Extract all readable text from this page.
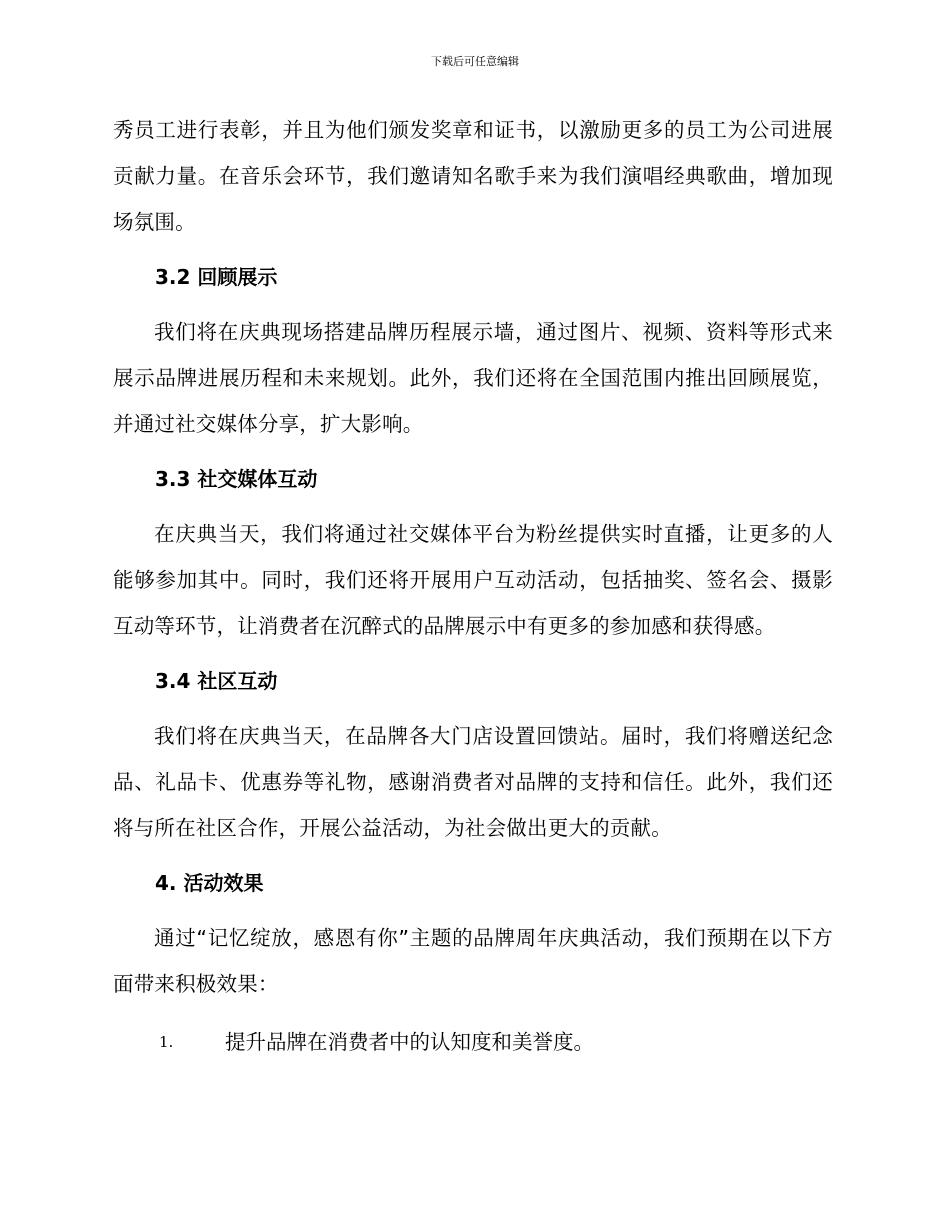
下载后可任意编辑

秀员工进行表彰，并且为他们颁发奖章和证书，以激励更多的员工为公司进展贡献力量。在音乐会环节，我们邀请知名歌手来为我们演唱经典歌曲，增加现场氛围。

3.2 回顾展示

我们将在庆典现场搭建品牌历程展示墙，通过图片、视频、资料等形式来展示品牌进展历程和未来规划。此外，我们还将在全国范围内推出回顾展览，并通过社交媒体分享，扩大影响。

3.3 社交媒体互动

在庆典当天，我们将通过社交媒体平台为粉丝提供实时直播，让更多的人能够参加其中。同时，我们还将开展用户互动活动，包括抽奖、签名会、摄影互动等环节，让消费者在沉醉式的品牌展示中有更多的参加感和获得感。

3.4 社区互动

我们将在庆典当天，在品牌各大门店设置回馈站。届时，我们将赠送纪念品、礼品卡、优惠券等礼物，感谢消费者对品牌的支持和信任。此外，我们还将与所在社区合作，开展公益活动，为社会做出更大的贡献。

4. 活动效果

通过“记忆绽放，感恩有你”主题的品牌周年庆典活动，我们预期在以下方面带来积极效果：

1.	提升品牌在消费者中的认知度和美誉度。
